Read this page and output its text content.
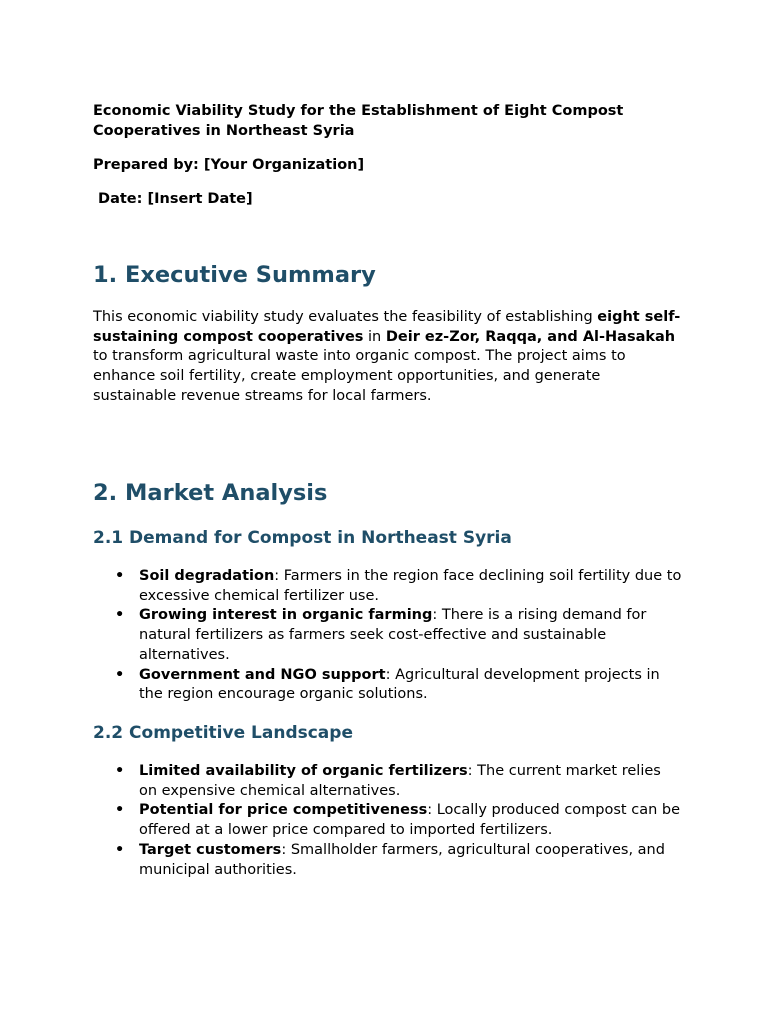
Economic Viability Study for the Establishment of Eight Compost Cooperatives in Northeast Syria
Prepared by: [Your Organization]
Date: [Insert Date]
1. Executive Summary
This economic viability study evaluates the feasibility of establishing eight self-sustaining compost cooperatives in Deir ez-Zor, Raqqa, and Al-Hasakah to transform agricultural waste into organic compost. The project aims to enhance soil fertility, create employment opportunities, and generate sustainable revenue streams for local farmers.
2. Market Analysis
2.1 Demand for Compost in Northeast Syria
• Soil degradation: Farmers in the region face declining soil fertility due to excessive chemical fertilizer use.
• Growing interest in organic farming: There is a rising demand for natural fertilizers as farmers seek cost-effective and sustainable alternatives.
• Government and NGO support: Agricultural development projects in the region encourage organic solutions.
2.2 Competitive Landscape
• Limited availability of organic fertilizers: The current market relies on expensive chemical alternatives.
• Potential for price competitiveness: Locally produced compost can be offered at a lower price compared to imported fertilizers.
• Target customers: Smallholder farmers, agricultural cooperatives, and municipal authorities.
